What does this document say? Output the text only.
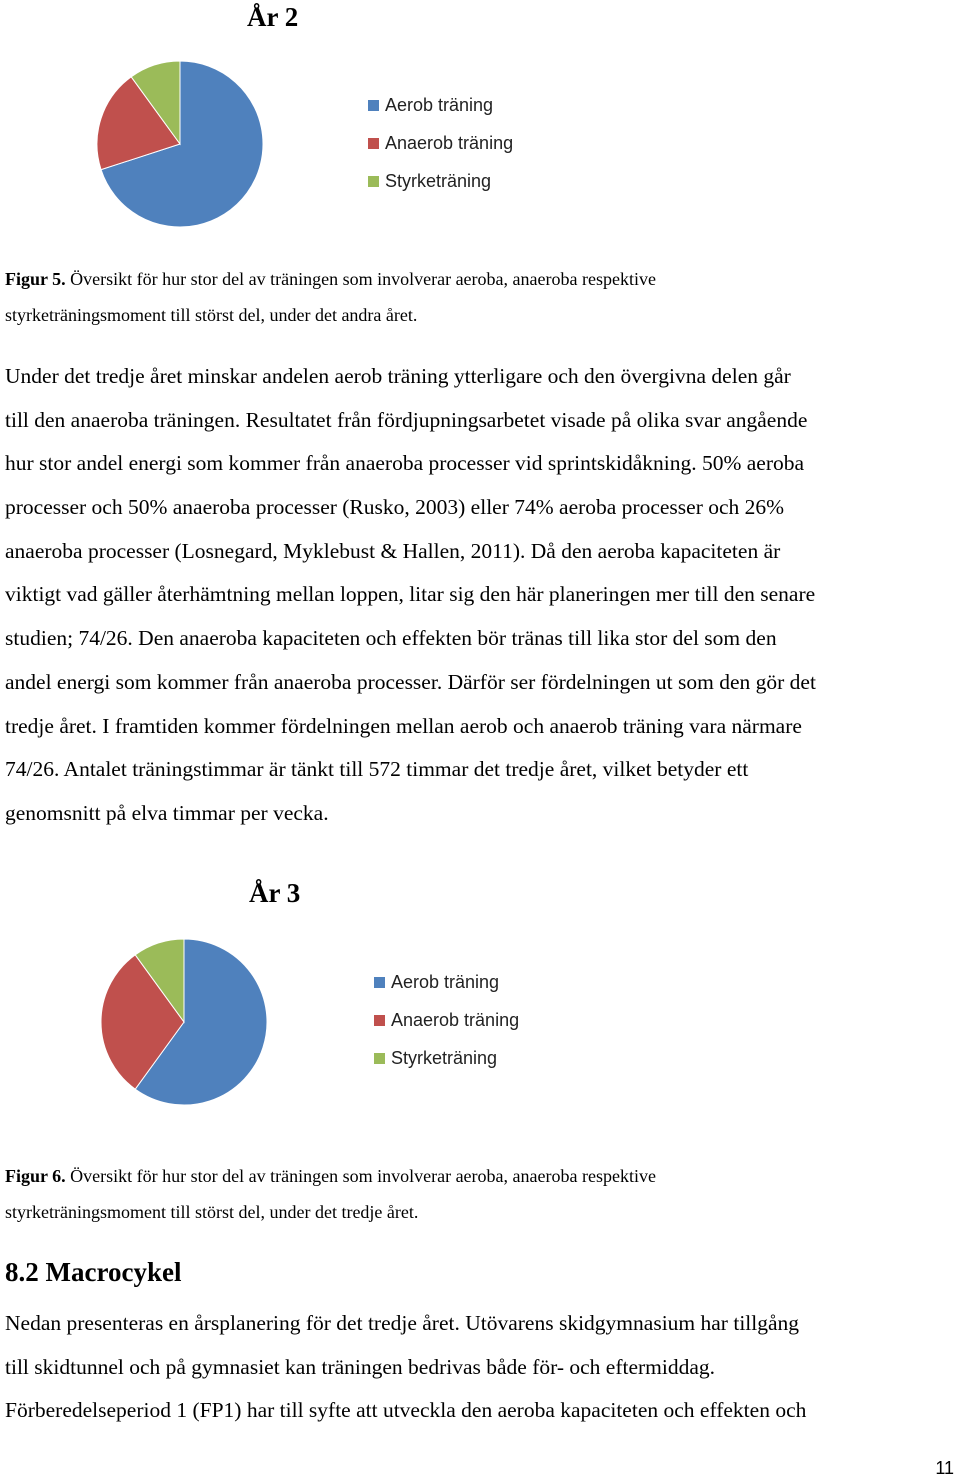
År 2
Aerob träning
Anaerob träning
Styrketräning
Figur 5. Översikt för hur stor del av träningen som involverar aeroba, anaeroba respektive
styrketräningsmoment till störst del, under det andra året.
Under det tredje året minskar andelen aerob träning ytterligare och den övergivna delen går
till den anaeroba träningen. Resultatet från fördjupningsarbetet visade på olika svar angående
hur stor andel energi som kommer från anaeroba processer vid sprintskidåkning. 50% aeroba
processer och 50% anaeroba processer (Rusko, 2003) eller 74% aeroba processer och 26%
anaeroba processer (Losnegard, Myklebust & Hallen, 2011). Då den aeroba kapaciteten är
viktigt vad gäller återhämtning mellan loppen, litar sig den här planeringen mer till den senare
studien; 74/26. Den anaeroba kapaciteten och effekten bör tränas till lika stor del som den
andel energi som kommer från anaeroba processer. Därför ser fördelningen ut som den gör det
tredje året. I framtiden kommer fördelningen mellan aerob och anaerob träning vara närmare
74/26. Antalet träningstimmar är tänkt till 572 timmar det tredje året, vilket betyder ett
genomsnitt på elva timmar per vecka.
År 3
Aerob träning
Anaerob träning
Styrketräning
Figur 6. Översikt för hur stor del av träningen som involverar aeroba, anaeroba respektive
styrketräningsmoment till störst del, under det tredje året.
8.2 Macrocykel
Nedan presenteras en årsplanering för det tredje året. Utövarens skidgymnasium har tillgång
till skidtunnel och på gymnasiet kan träningen bedrivas både för- och eftermiddag.
Förberedelseperiod 1 (FP1) har till syfte att utveckla den aeroba kapaciteten och effekten och
11
